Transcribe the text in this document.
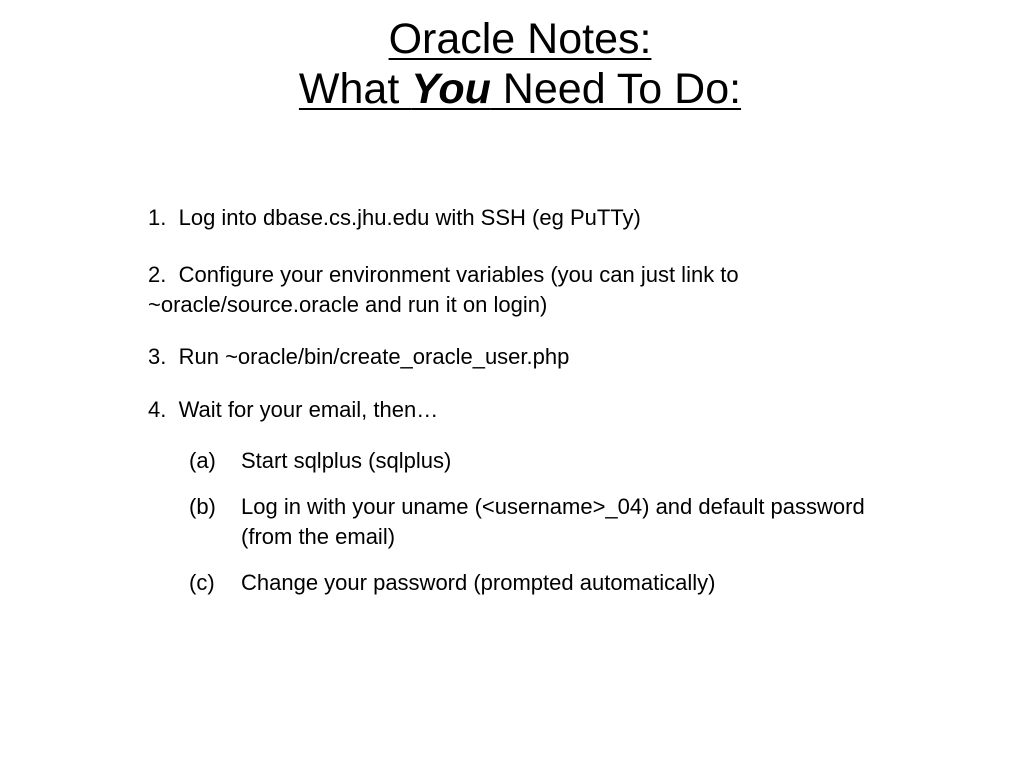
Oracle Notes:
What You Need To Do:

1. Log into dbase.cs.jhu.edu with SSH (eg PuTTy)

2. Configure your environment variables (you can just link to ~oracle/source.oracle and run it on login)

3. Run ~oracle/bin/create_oracle_user.php

4. Wait for your email, then…

(a)	Start sqlplus (sqlplus)
(b)	Log in with your uname (<username>_04) and default password (from the email)
(c)	Change your password (prompted automatically)
